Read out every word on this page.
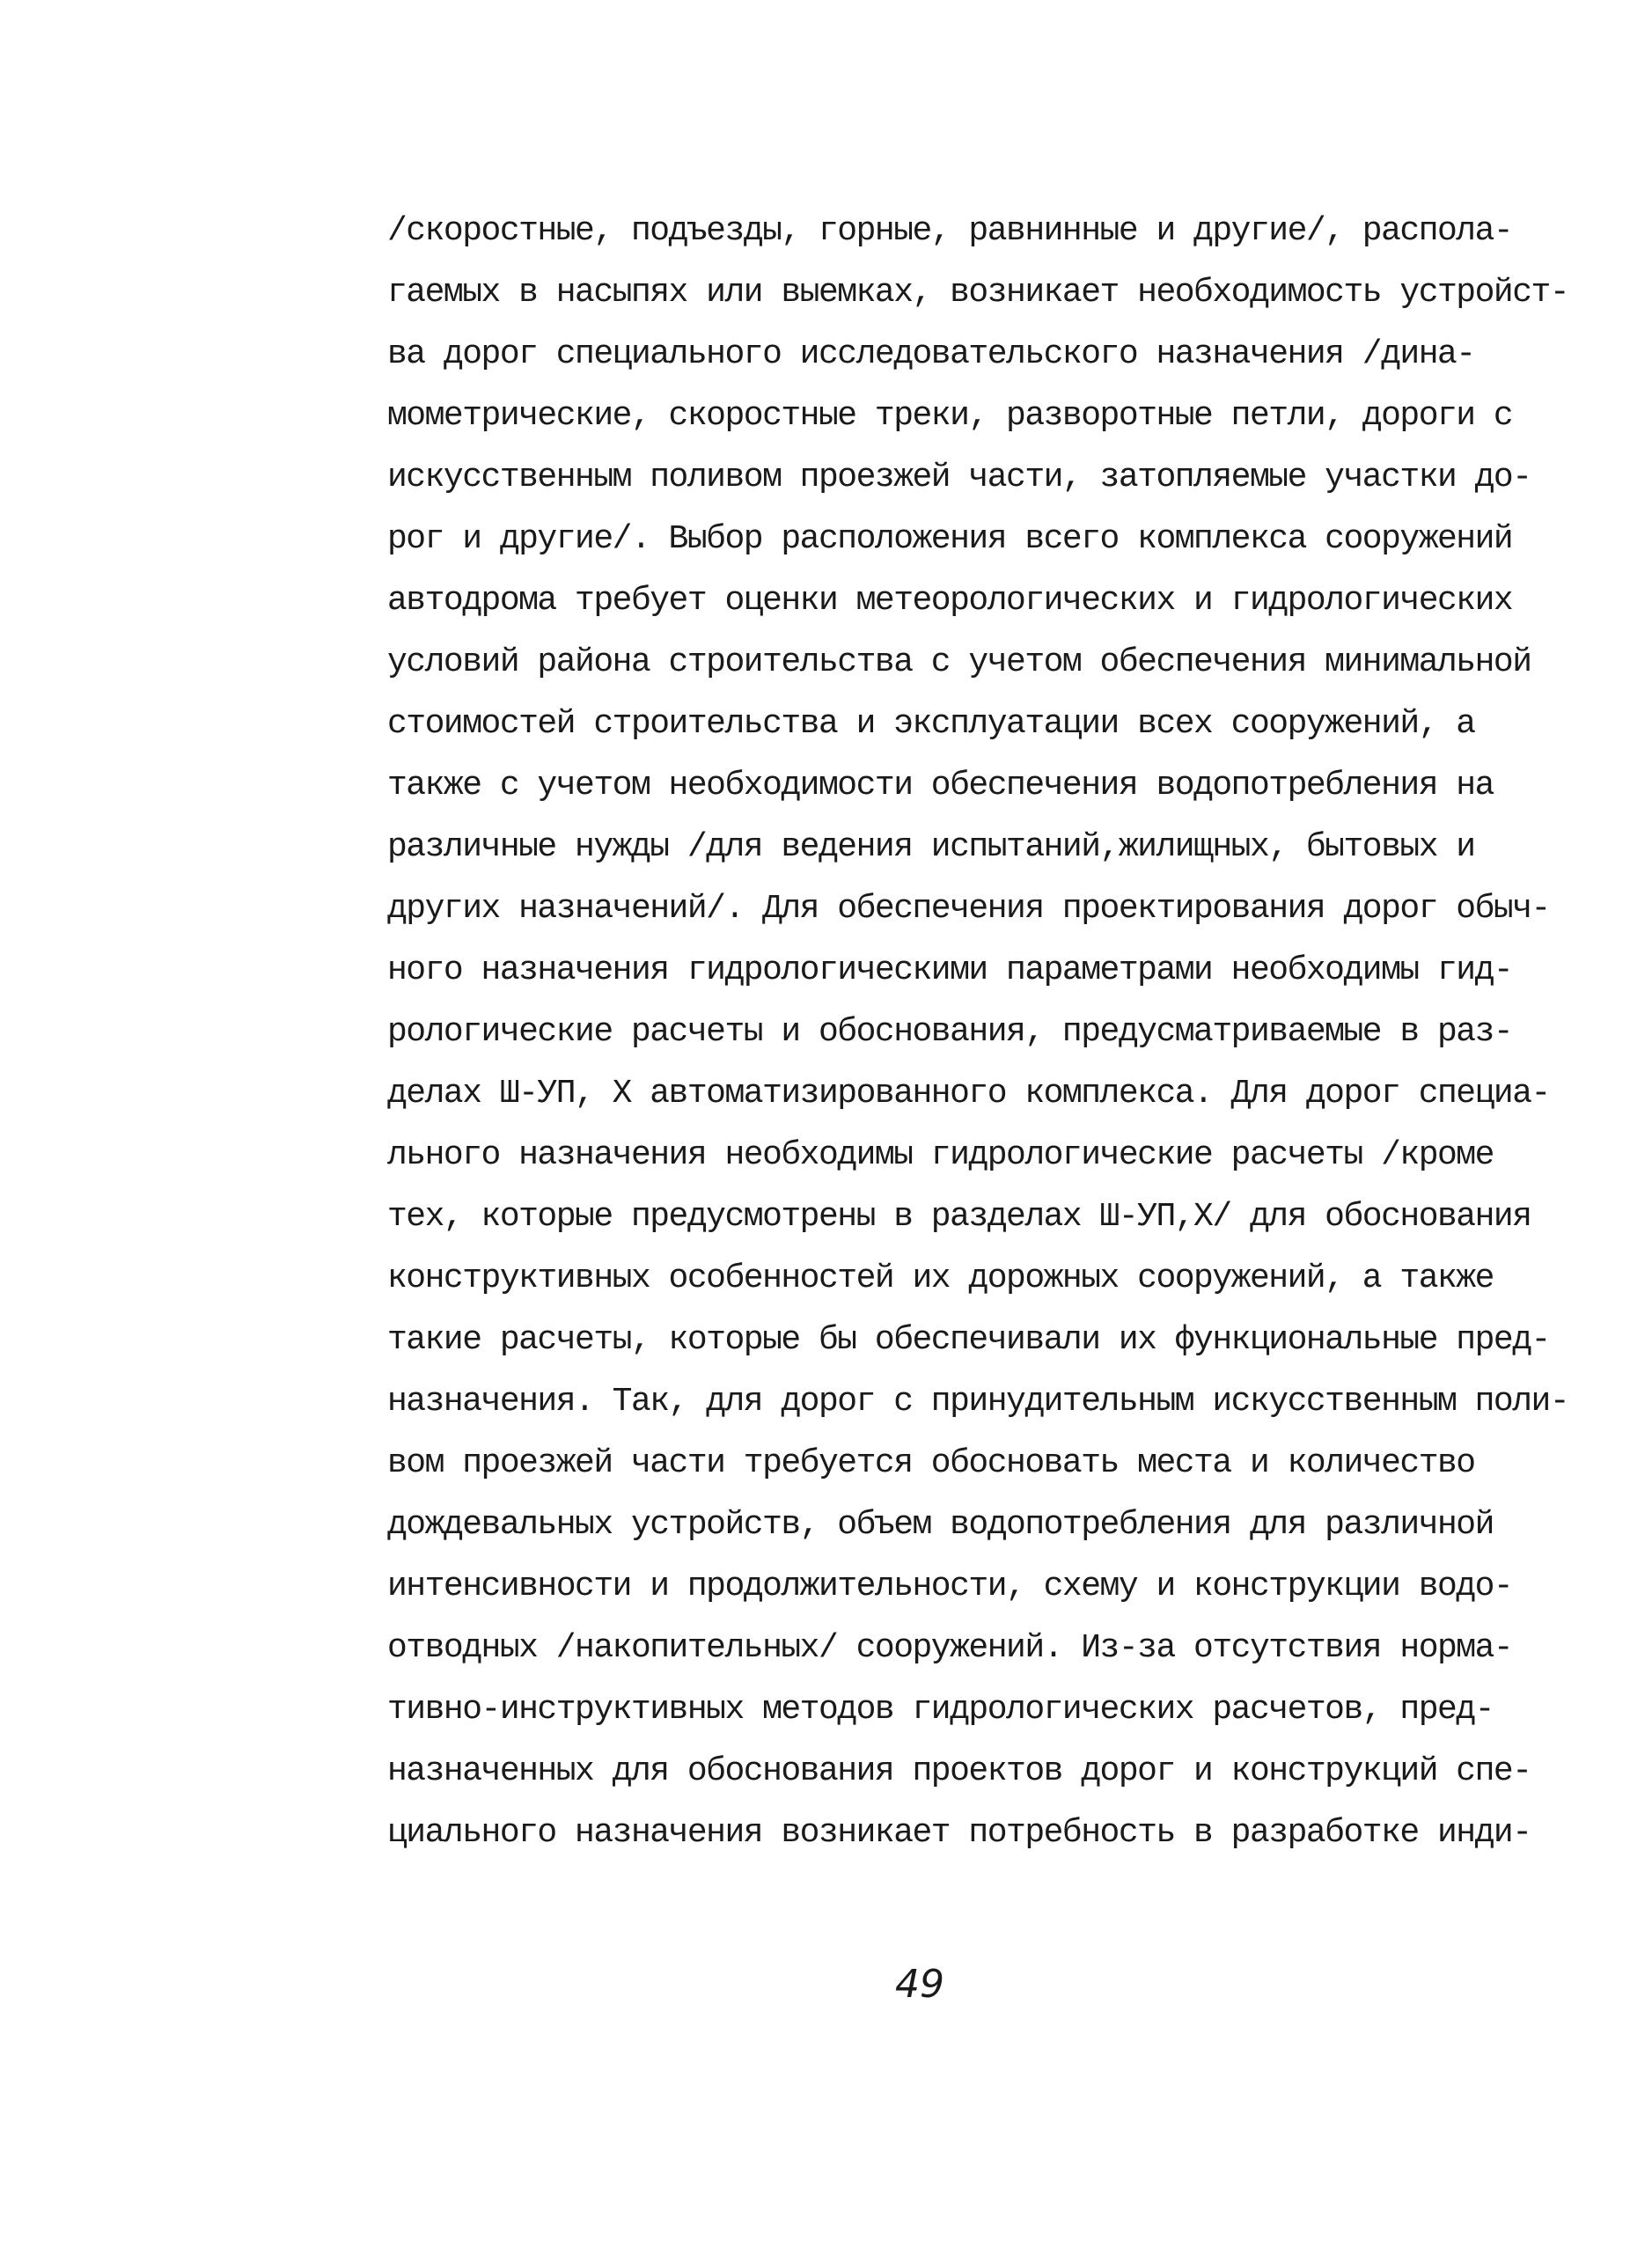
/скоростные, подъезды, горные, равнинные и другие/, распола-
гаемых в насыпях или выемках, возникает необходимость устройст-
ва дорог специального исследовательского назначения /дина-
мометрические, скоростные треки, разворотные петли, дороги с
искусственным поливом проезжей части, затопляемые участки до-
рог и другие/. Выбор расположения всего комплекса сооружений
автодрома требует оценки метеорологических и гидрологических
условий района строительства с учетом обеспечения минимальной
стоимостей строительства и эксплуатации всех сооружений, а
также с учетом необходимости обеспечения водопотребления на
различные нужды /для ведения испытаний,жилищных, бытовых и
других назначений/. Для обеспечения проектирования дорог обыч-
ного назначения гидрологическими параметрами необходимы гид-
рологические расчеты и обоснования, предусматриваемые в раз-
делах Ш-УП, Х автоматизированного комплекса. Для дорог специа-
льного назначения необходимы гидрологические расчеты /кроме
тех, которые предусмотрены в разделах Ш-УП,Х/ для обоснования
конструктивных особенностей их дорожных сооружений, а также
такие расчеты, которые бы обеспечивали их функциональные пред-
назначения. Так, для дорог с принудительным искусственным поли-
вом проезжей части требуется обосновать места и количество
дождевальных устройств, объем водопотребления для различной
интенсивности и продолжительности, схему и конструкции водо-
отводных /накопительных/ сооружений. Из-за отсутствия норма-
тивно-инструктивных методов гидрологических расчетов, пред-
назначенных для обоснования проектов дорог и конструкций спе-
циального назначения возникает потребность в разработке инди-
49
